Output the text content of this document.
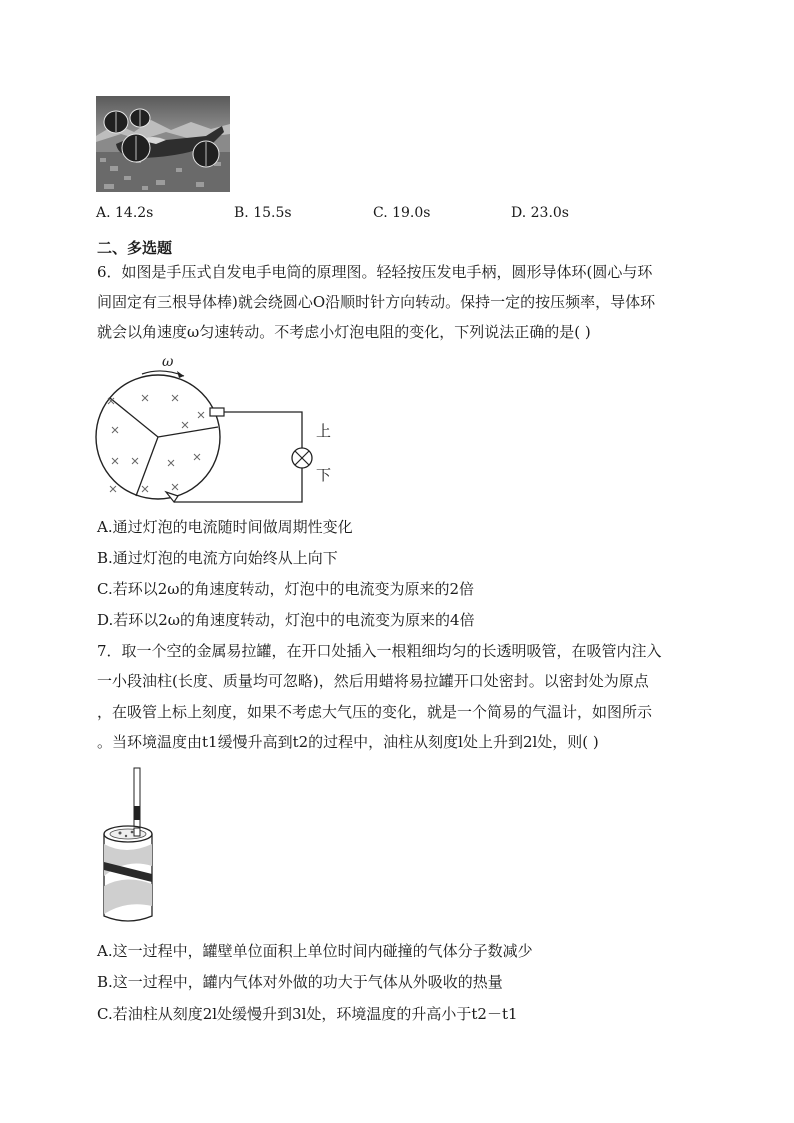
A. 14.2s	B. 15.5s	C. 19.0s	D. 23.0s
二、多选题
6．如图是手压式自发电手电筒的原理图。轻轻按压发电手柄，圆形导体环(圆心与环
间固定有三根导体棒)就会绕圆心O沿顺时针方向转动。保持一定的按压频率，导体环
就会以角速度ω匀速转动。不考虑小灯泡电阻的变化，下列说法正确的是( )
ω
上
下
A.通过灯泡的电流随时间做周期性变化
B.通过灯泡的电流方向始终从上向下
C.若环以2ω的角速度转动，灯泡中的电流变为原来的2倍
D.若环以2ω的角速度转动，灯泡中的电流变为原来的4倍
7．取一个空的金属易拉罐，在开口处插入一根粗细均匀的长透明吸管，在吸管内注入
一小段油柱(长度、质量均可忽略)，然后用蜡将易拉罐开口处密封。以密封处为原点
，在吸管上标上刻度，如果不考虑大气压的变化，就是一个简易的气温计，如图所示
。当环境温度由t1缓慢升高到t2的过程中，油柱从刻度l处上升到2l处，则( )
A.这一过程中，罐壁单位面积上单位时间内碰撞的气体分子数减少
B.这一过程中，罐内气体对外做的功大于气体从外吸收的热量
C.若油柱从刻度2l处缓慢升到3l处，环境温度的升高小于t2－t1
